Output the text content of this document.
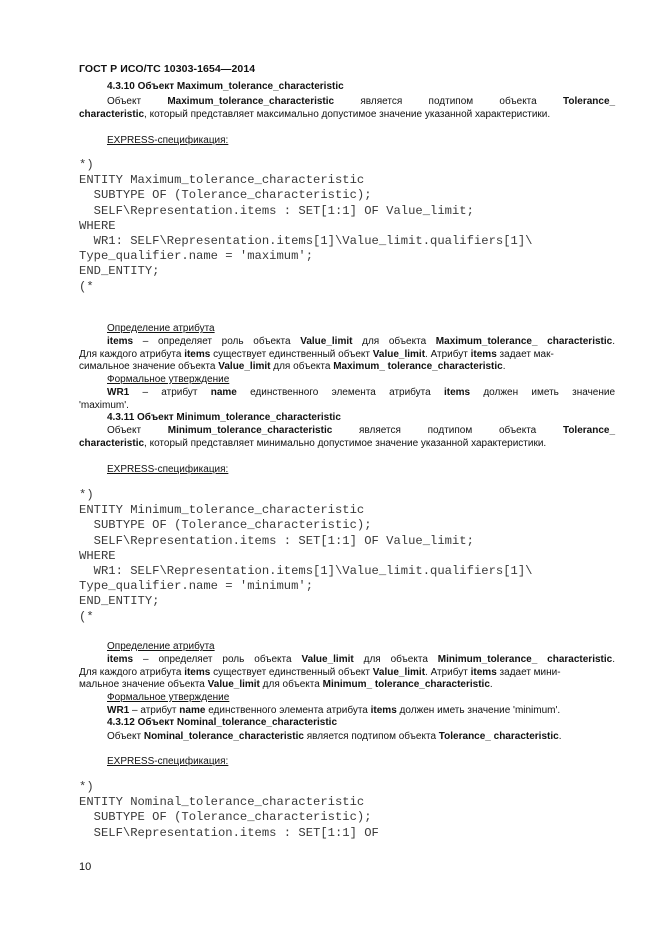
ГОСТ Р ИСО/ТС 10303-1654—2014
4.3.10 Объект Maximum_tolerance_characteristic
Объект	Maximum_tolerance_characteristic	является	подтипом	объекта	Tolerance_
characteristic, который представляет максимально допустимое значение указанной характеристики.
EXPRESS-спецификация:
*)
ENTITY Maximum_tolerance_characteristic
SUBTYPE OF (Tolerance_characteristic);
SELF\Representation.items : SET[1:1] OF Value_limit;
WHERE
WR1: SELF\Representation.items[1]\Value_limit.qualifiers[1]\
Type_qualifier.name = 'maximum';
END_ENTITY;
(*
Определение атрибута
items – определяет роль объекта Value_limit для объекта Maximum_tolerance_ characteristic.
Для каждого атрибута items существует единственный объект Value_limit. Атрибут items задает мак-
симальное значение объекта Value_limit для объекта Maximum_ tolerance_characteristic.
Формальное утверждение
WR1 – атрибут name единственного элемента атрибута items должен иметь значение
'maximum'.
4.3.11 Объект Minimum_tolerance_characteristic
Объект	Minimum_tolerance_characteristic	является	подтипом	объекта	Tolerance_
characteristic, который представляет минимально допустимое значение указанной характеристики.
EXPRESS-спецификация:
*)
ENTITY Minimum_tolerance_characteristic
SUBTYPE OF (Tolerance_characteristic);
SELF\Representation.items : SET[1:1] OF Value_limit;
WHERE
WR1: SELF\Representation.items[1]\Value_limit.qualifiers[1]\
Type_qualifier.name = 'minimum';
END_ENTITY;
(*
Определение атрибута
items – определяет роль объекта Value_limit для объекта Minimum_tolerance_ characteristic.
Для каждого атрибута items существует единственный объект Value_limit. Атрибут items задает мини-
мальное значение объекта Value_limit для объекта Minimum_ tolerance_characteristic.
Формальное утверждение
WR1 – атрибут name единственного элемента атрибута items должен иметь значение 'minimum'.
4.3.12 Объект Nominal_tolerance_characteristic
Объект Nominal_tolerance_characteristic является подтипом объекта Tolerance_ characteristic.
EXPRESS-спецификация:
*)
ENTITY Nominal_tolerance_characteristic
SUBTYPE OF (Tolerance_characteristic);
SELF\Representation.items : SET[1:1] OF
10
